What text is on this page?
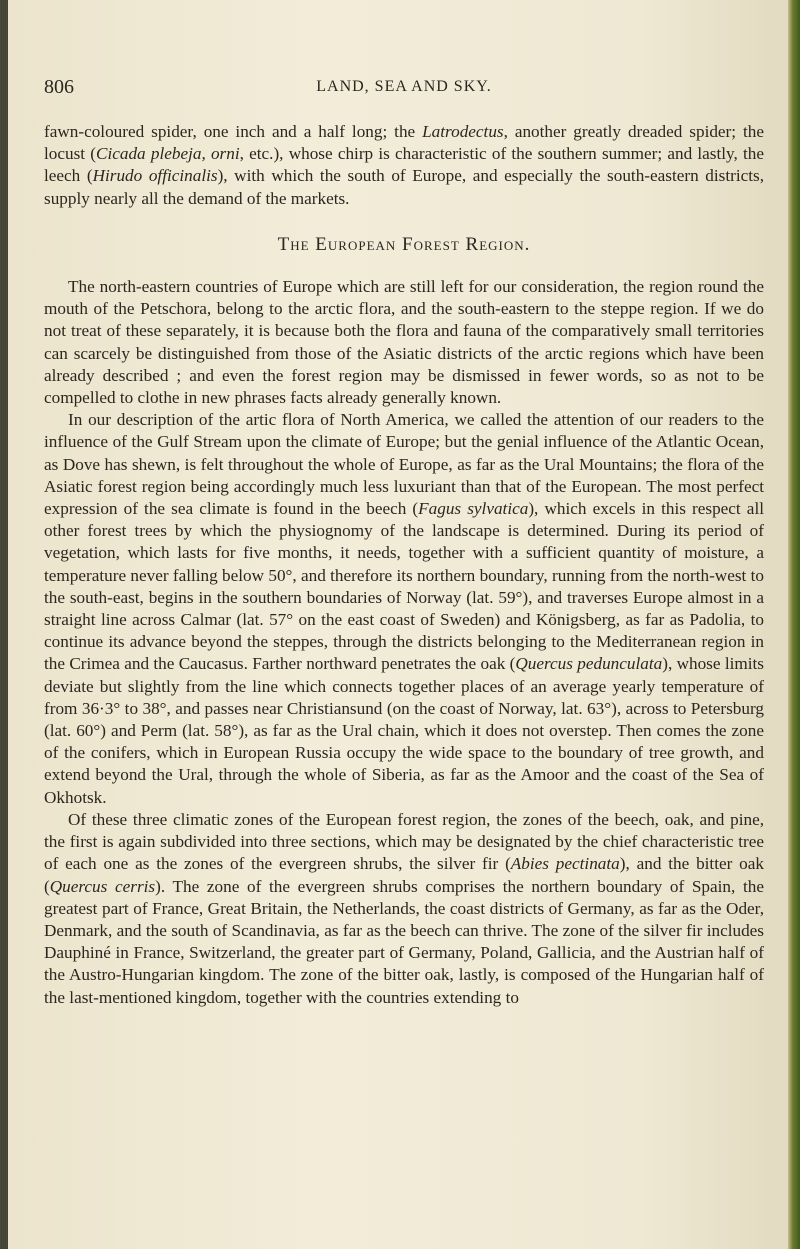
806	LAND, SEA AND SKY.

fawn-coloured spider, one inch and a half long; the Latrodectus, another greatly dreaded spider; the locust (Cicada plebeja, orni, etc.), whose chirp is characteristic of the southern summer; and lastly, the leech (Hirudo officinalis), with which the south of Europe, and especially the south-eastern districts, supply nearly all the demand of the markets.

The European Forest Region.

The north-eastern countries of Europe which are still left for our consideration, the region round the mouth of the Petschora, belong to the arctic flora, and the south-eastern to the steppe region. If we do not treat of these separately, it is because both the flora and fauna of the comparatively small territories can scarcely be distinguished from those of the Asiatic districts of the arctic regions which have been already described ; and even the forest region may be dismissed in fewer words, so as not to be compelled to clothe in new phrases facts already generally known.

In our description of the artic flora of North America, we called the attention of our readers to the influence of the Gulf Stream upon the climate of Europe; but the genial influence of the Atlantic Ocean, as Dove has shewn, is felt throughout the whole of Europe, as far as the Ural Mountains; the flora of the Asiatic forest region being accordingly much less luxuriant than that of the European. The most perfect expression of the sea climate is found in the beech (Fagus sylvatica), which excels in this respect all other forest trees by which the physiognomy of the landscape is determined. During its period of vegetation, which lasts for five months, it needs, together with a sufficient quantity of moisture, a temperature never falling below 50°, and therefore its northern boundary, running from the north-west to the south-east, begins in the southern boundaries of Norway (lat. 59°), and traverses Europe almost in a straight line across Calmar (lat. 57° on the east coast of Sweden) and Königsberg, as far as Padolia, to continue its advance beyond the steppes, through the districts belonging to the Mediterranean region in the Crimea and the Caucasus. Farther northward penetrates the oak (Quercus pedunculata), whose limits deviate but slightly from the line which connects together places of an average yearly temperature of from 36·3° to 38°, and passes near Christiansund (on the coast of Norway, lat. 63°), across to Petersburg (lat. 60°) and Perm (lat. 58°), as far as the Ural chain, which it does not overstep. Then comes the zone of the conifers, which in European Russia occupy the wide space to the boundary of tree growth, and extend beyond the Ural, through the whole of Siberia, as far as the Amoor and the coast of the Sea of Okhotsk.

Of these three climatic zones of the European forest region, the zones of the beech, oak, and pine, the first is again subdivided into three sections, which may be designated by the chief characteristic tree of each one as the zones of the evergreen shrubs, the silver fir (Abies pectinata), and the bitter oak (Quercus cerris). The zone of the evergreen shrubs comprises the northern boundary of Spain, the greatest part of France, Great Britain, the Netherlands, the coast districts of Germany, as far as the Oder, Denmark, and the south of Scandinavia, as far as the beech can thrive. The zone of the silver fir includes Dauphiné in France, Switzerland, the greater part of Germany, Poland, Gallicia, and the Austrian half of the Austro-Hungarian kingdom. The zone of the bitter oak, lastly, is composed of the Hungarian half of the last-mentioned kingdom, together with the countries extending to
